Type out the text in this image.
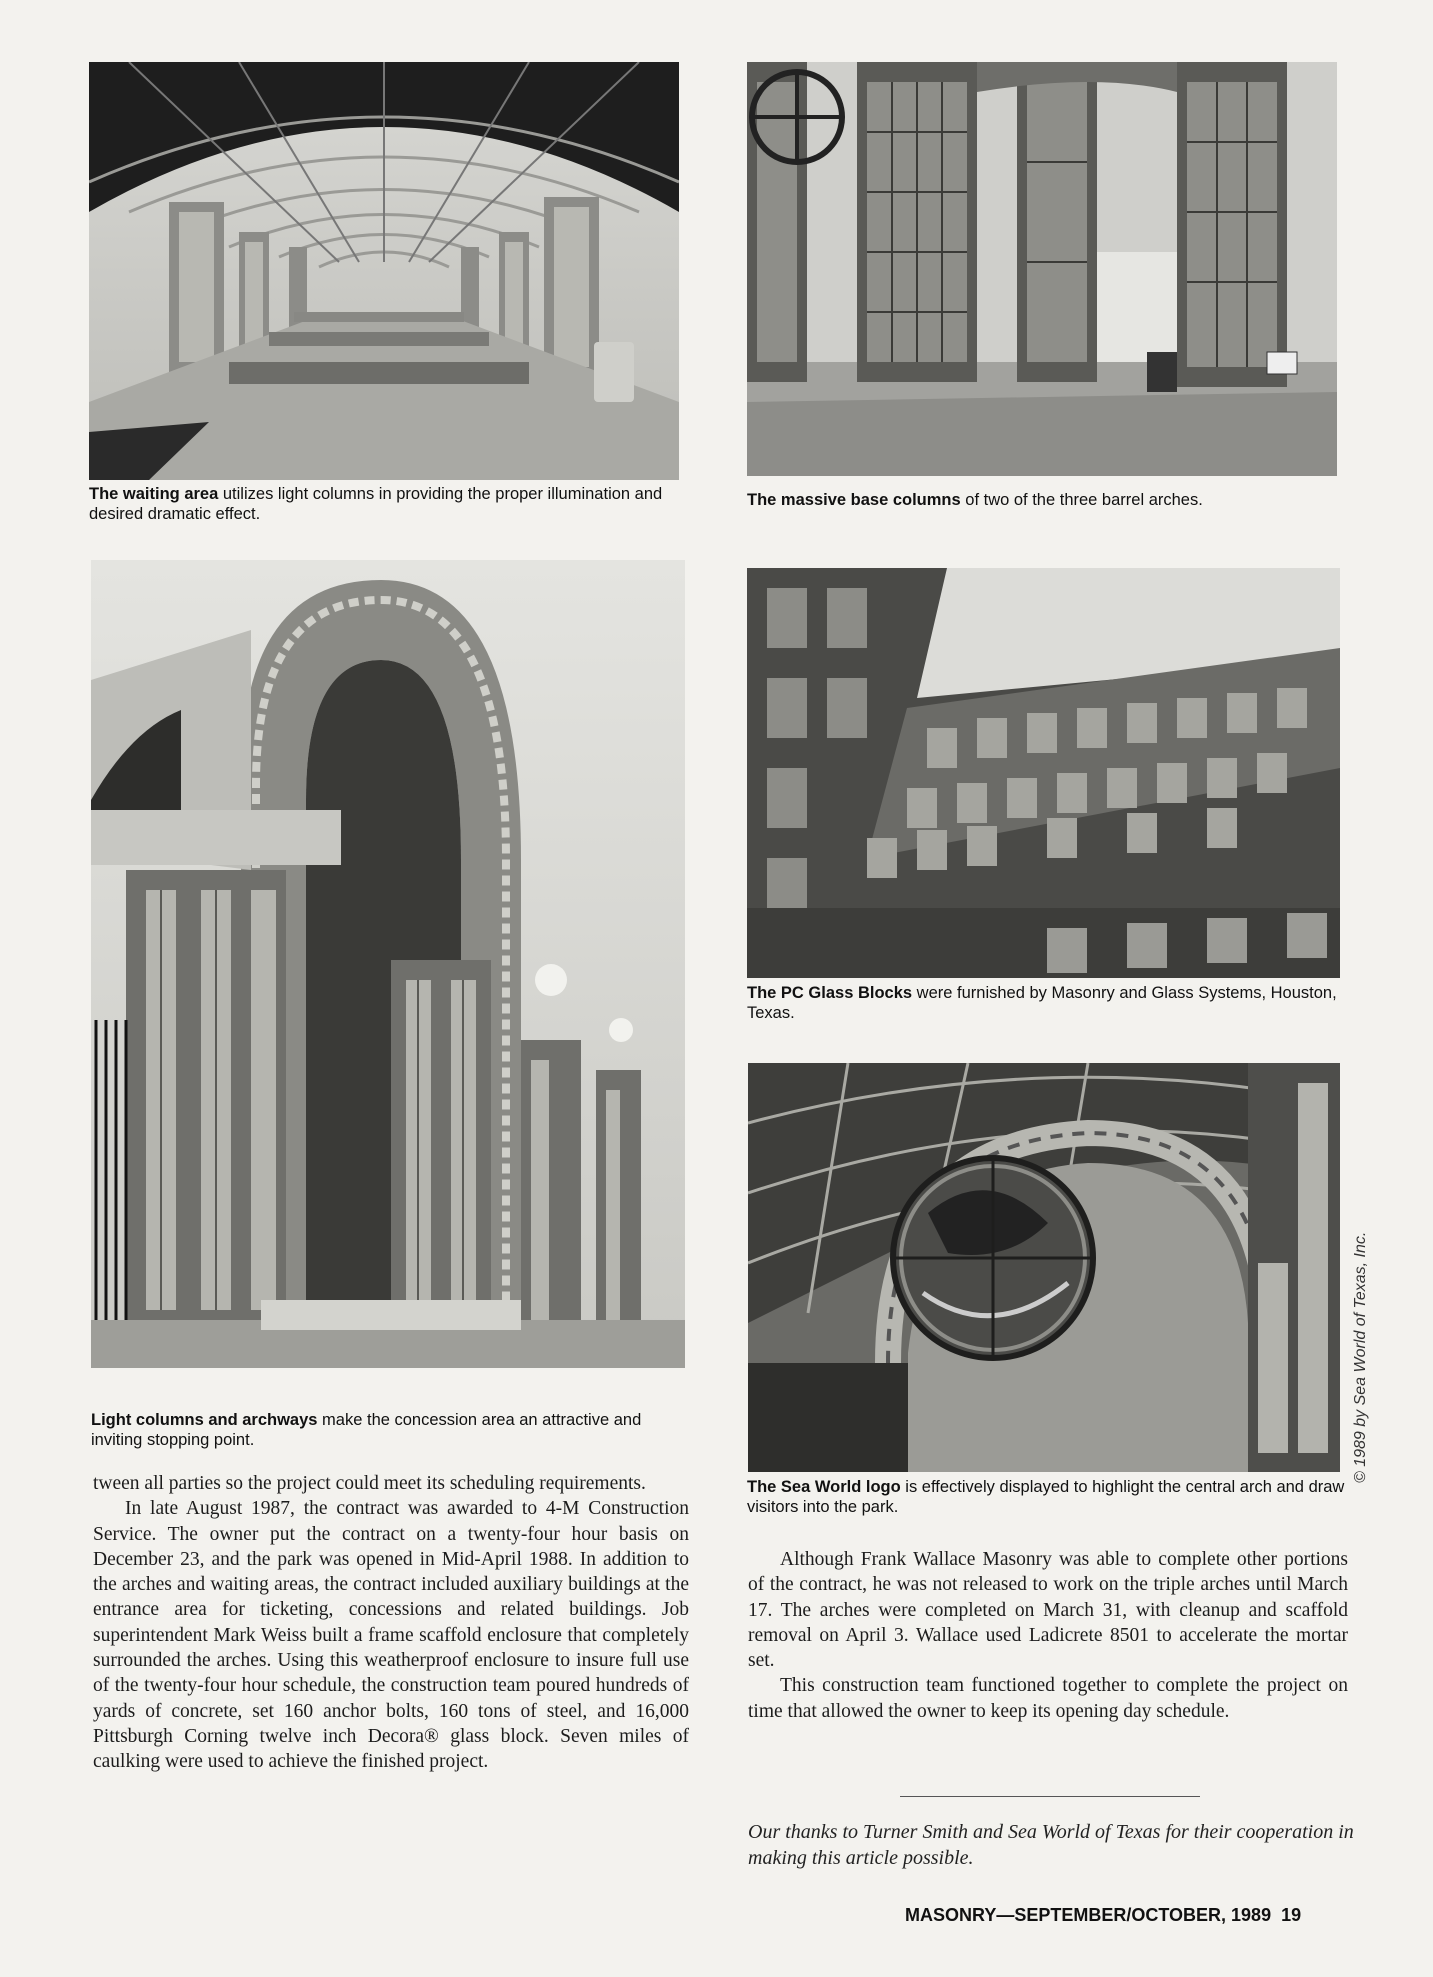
The waiting area utilizes light columns in providing the proper illumination and desired dramatic effect.
The massive base columns of two of the three barrel arches.
Light columns and archways make the concession area an attractive and inviting stopping point.
The PC Glass Blocks were furnished by Masonry and Glass Systems, Houston, Texas.
The Sea World logo is effectively displayed to highlight the central arch and draw visitors into the park.
© 1989 by Sea World of Texas, Inc.

tween all parties so the project could meet its scheduling requirements.

In late August 1987, the contract was awarded to 4-M Construction Service. The owner put the contract on a twenty-four hour basis on December 23, and the park was opened in Mid-April 1988. In addition to the arches and waiting areas, the contract included auxiliary buildings at the entrance area for ticketing, concessions and related buildings. Job superintendent Mark Weiss built a frame scaffold enclosure that completely surrounded the arches. Using this weatherproof enclosure to insure full use of the twenty-four hour schedule, the construction team poured hundreds of yards of concrete, set 160 anchor bolts, 160 tons of steel, and 16,000 Pittsburgh Corning twelve inch Decora® glass block. Seven miles of caulking were used to achieve the finished project.

Although Frank Wallace Masonry was able to complete other portions of the contract, he was not released to work on the triple arches until March 17. The arches were completed on March 31, with cleanup and scaffold removal on April 3. Wallace used Ladicrete 8501 to accelerate the mortar set.

This construction team functioned together to complete the project on time that allowed the owner to keep its opening day schedule.

Our thanks to Turner Smith and Sea World of Texas for their cooperation in making this article possible.
MASONRY—SEPTEMBER/OCTOBER, 1989 19
